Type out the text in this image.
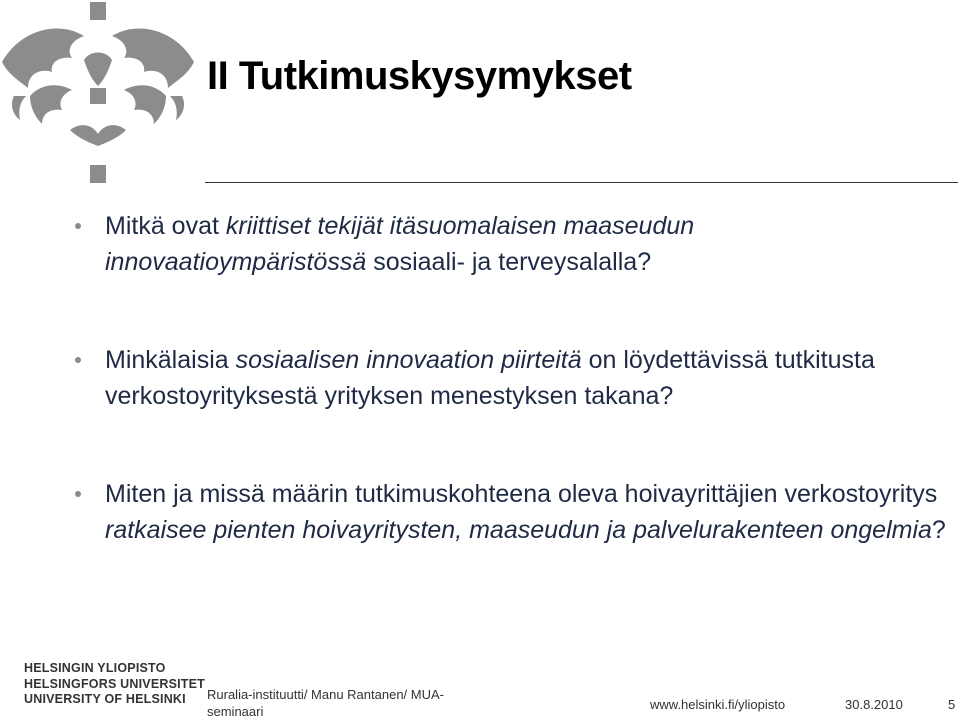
II Tutkimuskysymykset
Mitkä ovat kriittiset tekijät itäsuomalaisen maaseudun innovaatioympäristössä sosiaali- ja terveysalalla?
Minkälaisia sosiaalisen innovaation piirteitä on löydettävissä tutkitusta verkostoyrityksestä yrityksen menestyksen takana?
Miten ja missä määrin tutkimuskohteena oleva hoivayrittäjien verkostoyritys ratkaisee pienten hoivayritysten, maaseudun ja palvelurakenteen ongelmia?
HELSINGIN YLIOPISTO
HELSINGFORS UNIVERSITET
UNIVERSITY OF HELSINKI	Ruralia-instituutti/ Manu Rantanen/ MUA-seminaari	www.helsinki.fi/yliopisto	30.8.2010	5
